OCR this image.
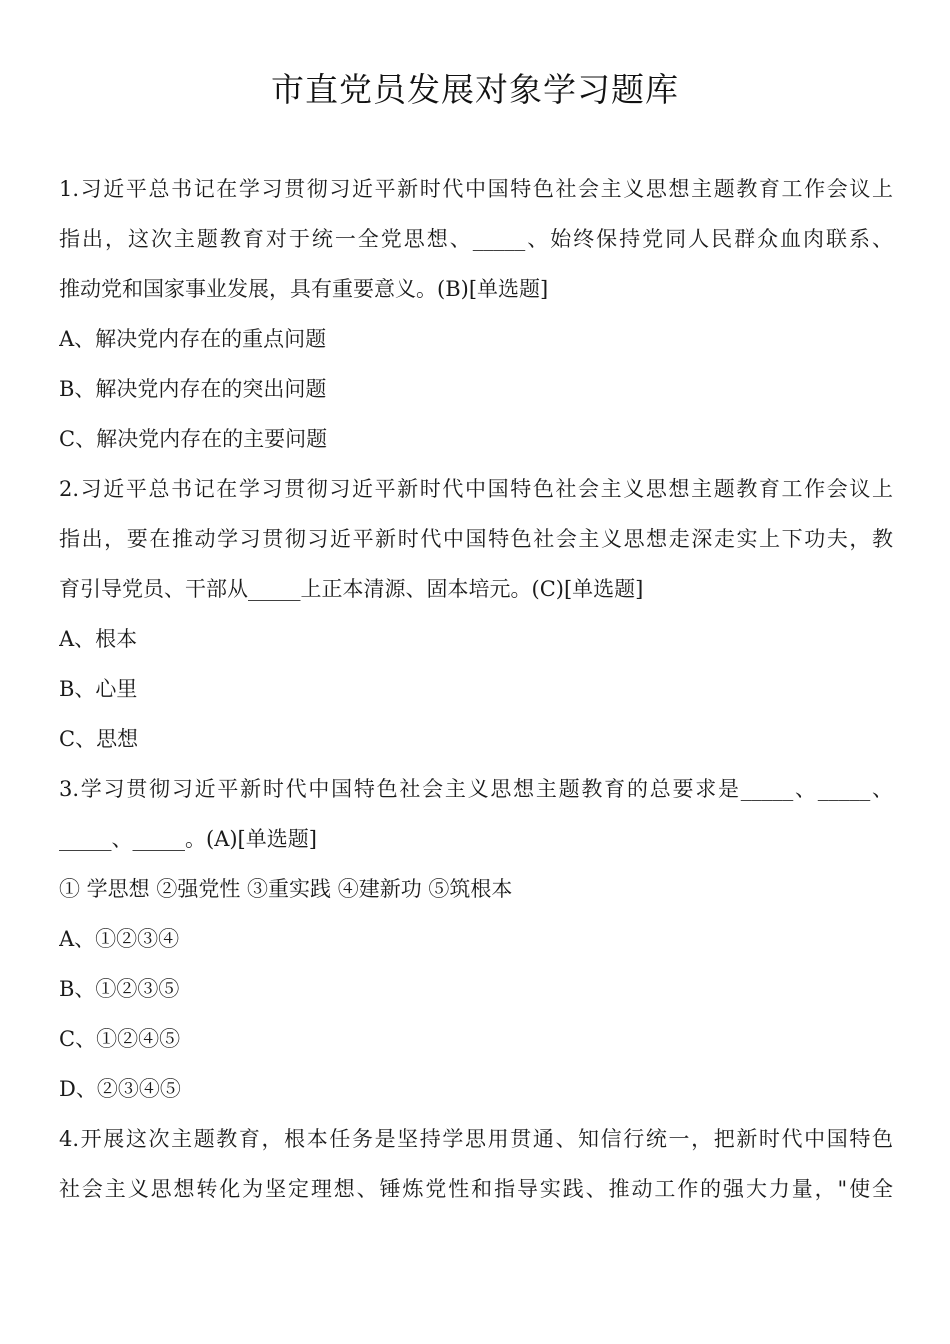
市直党员发展对象学习题库
1.习近平总书记在学习贯彻习近平新时代中国特色社会主义思想主题教育工作会议上
指出，这次主题教育对于统一全党思想、_____、始终保持党同人民群众血肉联系、
推动党和国家事业发展，具有重要意义。(B)[单选题]
A、解决党内存在的重点问题
B、解决党内存在的突出问题
C、解决党内存在的主要问题
2.习近平总书记在学习贯彻习近平新时代中国特色社会主义思想主题教育工作会议上
指出，要在推动学习贯彻习近平新时代中国特色社会主义思想走深走实上下功夫，教
育引导党员、干部从_____上正本清源、固本培元。(C)[单选题]
A、根本
B、心里
C、思想
3.学习贯彻习近平新时代中国特色社会主义思想主题教育的总要求是_____、_____、
_____、_____。(A)[单选题]
① 学思想 ②强党性 ③重实践 ④建新功 ⑤筑根本
A、①②③④
B、①②③⑤
C、①②④⑤
D、②③④⑤
4.开展这次主题教育，根本任务是坚持学思用贯通、知信行统一，把新时代中国特色
社会主义思想转化为坚定理想、锤炼党性和指导实践、推动工作的强大力量，"使全
